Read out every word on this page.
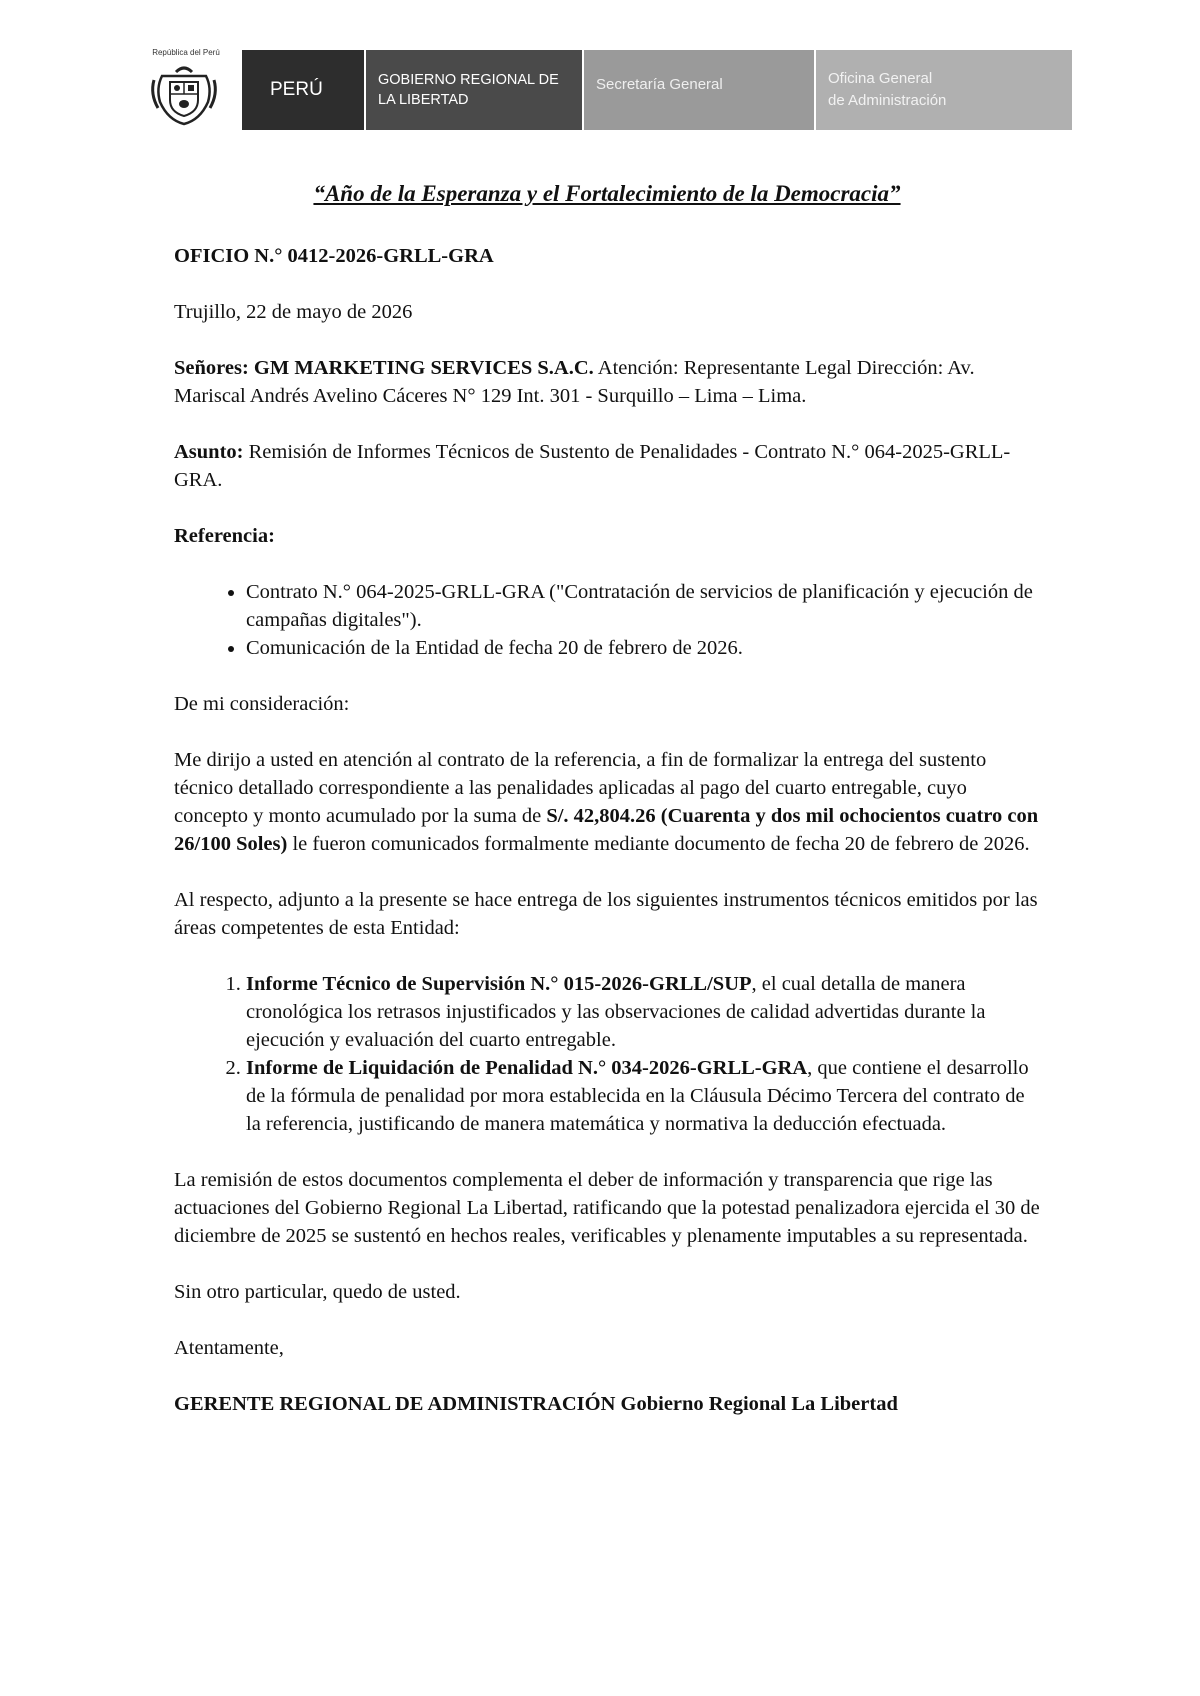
República del Perú
PERÚ	GOBIERNO REGIONAL DE
LA LIBERTAD
Secretaría General	Oficina General
de Administración
“Año de la Esperanza y el Fortalecimiento de la Democracia”

OFICIO N.° 0412-2026-GRLL-GRA

Trujillo, 22 de mayo de 2026

Señores: GM MARKETING SERVICES S.A.C. Atención: Representante Legal Dirección: Av. Mariscal Andrés Avelino Cáceres N° 129 Int. 301 - Surquillo – Lima – Lima.

Asunto: Remisión de Informes Técnicos de Sustento de Penalidades - Contrato N.° 064-2025-GRLL-GRA.

Referencia:

• Contrato N.° 064-2025-GRLL-GRA ("Contratación de servicios de planificación y ejecución de campañas digitales").
• Comunicación de la Entidad de fecha 20 de febrero de 2026.

De mi consideración:

Me dirijo a usted en atención al contrato de la referencia, a fin de formalizar la entrega del sustento técnico detallado correspondiente a las penalidades aplicadas al pago del cuarto entregable, cuyo concepto y monto acumulado por la suma de S/. 42,804.26 (Cuarenta y dos mil ochocientos cuatro con 26/100 Soles) le fueron comunicados formalmente mediante documento de fecha 20 de febrero de 2026.

Al respecto, adjunto a la presente se hace entrega de los siguientes instrumentos técnicos emitidos por las áreas competentes de esta Entidad:

1. Informe Técnico de Supervisión N.° 015-2026-GRLL/SUP, el cual detalla de manera cronológica los retrasos injustificados y las observaciones de calidad advertidas durante la ejecución y evaluación del cuarto entregable.
2. Informe de Liquidación de Penalidad N.° 034-2026-GRLL-GRA, que contiene el desarrollo de la fórmula de penalidad por mora establecida en la Cláusula Décimo Tercera del contrato de la referencia, justificando de manera matemática y normativa la deducción efectuada.

La remisión de estos documentos complementa el deber de información y transparencia que rige las actuaciones del Gobierno Regional La Libertad, ratificando que la potestad penalizadora ejercida el 30 de diciembre de 2025 se sustentó en hechos reales, verificables y plenamente imputables a su representada.

Sin otro particular, quedo de usted.

Atentamente,

GERENTE REGIONAL DE ADMINISTRACIÓN Gobierno Regional La Libertad
